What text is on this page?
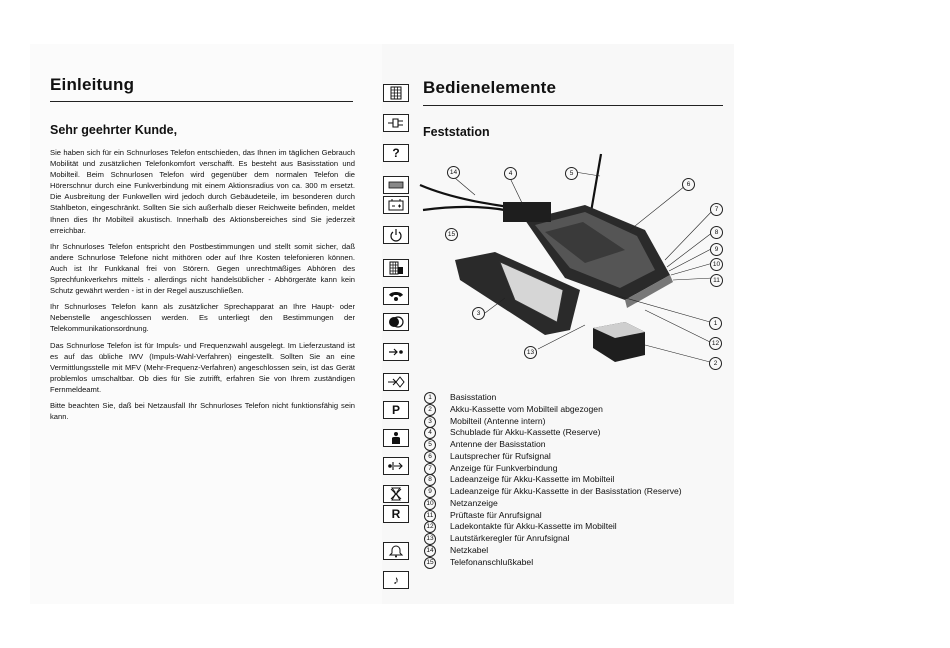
Einleitung
Sehr geehrter Kunde,

Sie haben sich für ein Schnurloses Telefon entschieden, das Ihnen im täglichen Gebrauch Mobilität und zusätzlichen Telefonkomfort verschafft. Es besteht aus Basisstation und Mobilteil. Beim Schnurlosen Telefon wird gegenüber dem normalen Telefon die Hörerschnur durch eine Funkverbindung mit einem Aktionsradius von ca. 300 m ersetzt. Die Ausbreitung der Funkwellen wird jedoch durch Gebäudeteile, im besonderen durch Stahlbeton, eingeschränkt. Sollten Sie sich außerhalb dieser Reichweite befinden, meldet Ihnen dies Ihr Mobilteil akustisch. Innerhalb des Aktionsbereiches sind Sie jederzeit erreichbar.

Ihr Schnurloses Telefon entspricht den Postbestimmungen und stellt somit sicher, daß andere Schnurlose Telefone nicht mithören oder auf Ihre Kosten telefonieren können. Auch ist Ihr Funkkanal frei von Störern. Gegen unrechtmäßiges Abhören des Sprechfunkverkehrs mittels - allerdings nicht handelsüblicher - Abhörgeräte kann kein Schutz gewährt werden - ist in der Regel auszuschließen.

Ihr Schnurloses Telefon kann als zusätzlicher Sprechapparat an Ihre Haupt- oder Nebenstelle angeschlossen werden. Es unterliegt den Bestimmungen der Telekommunikationsordnung.

Das Schnurlose Telefon ist für Impuls- und Frequenzwahl ausgelegt. Im Lieferzustand ist es auf das übliche IWV (Impuls-Wahl-Verfahren) eingestellt. Sollten Sie an eine Vermittlungsstelle mit MFV (Mehr-Frequenz-Verfahren) angeschlossen sein, ist das Gerät problemlos umschaltbar. Ob dies für Sie zutrifft, erfahren Sie von Ihrem zuständigen Fernmeldeamt.

Bitte beachten Sie, daß bei Netzausfall Ihr Schnurloses Telefon nicht funktionsfähig sein kann.

?
P
R
♪
Bedienelemente
Feststation
14	4	5
6
7
8
9
10
11
15
3
1
12
13
2
1	Basisstation
2	Akku-Kassette vom Mobilteil abgezogen
3	Mobilteil (Antenne intern)
4	Schublade für Akku-Kassette (Reserve)
5	Antenne der Basisstation
6	Lautsprecher für Rufsignal
7	Anzeige für Funkverbindung
8	Ladeanzeige für Akku-Kassette im Mobilteil
9	Ladeanzeige für Akku-Kassette in der Basisstation (Reserve)
10 Netzanzeige
11	Prüftaste für Anrufsignal
12 Ladekontakte für Akku-Kassette im Mobilteil
13 Lautstärkeregler für Anrufsignal
14 Netzkabel
15 Telefonanschlußkabel
